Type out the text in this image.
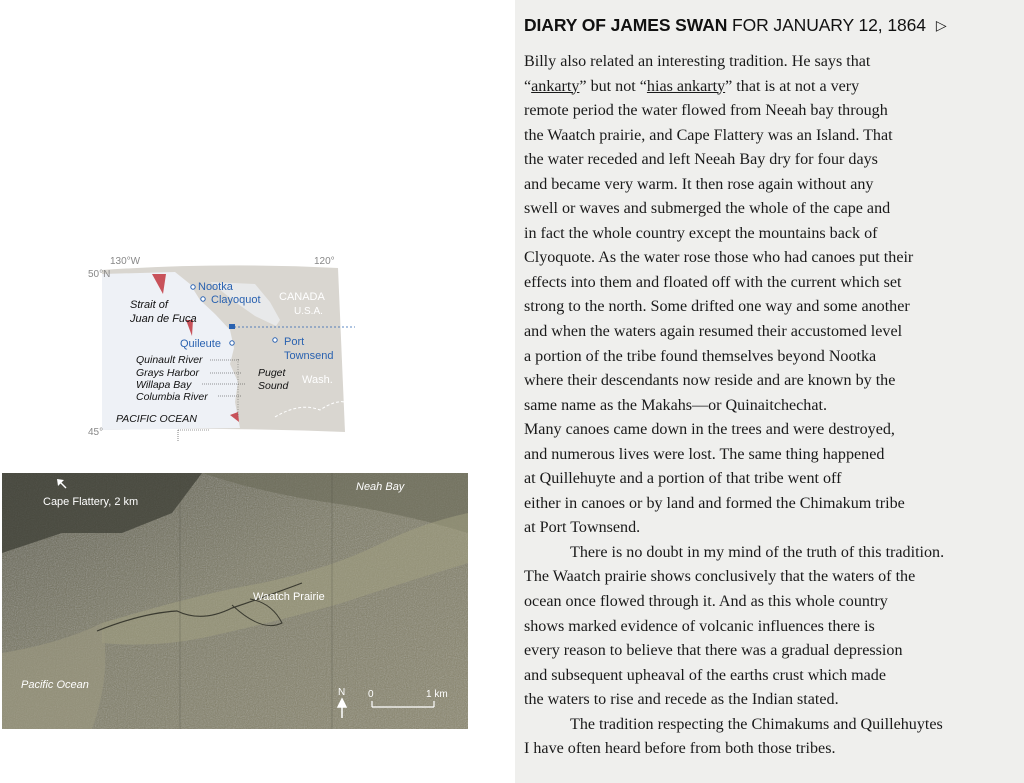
130°W	120°
50°N
45°
Nootka
Clayoquot
Quileute	Port
Townsend
Strait of
Juan de Fuca
Quinault River
Grays Harbor
Willapa Bay
Columbia River
Puget
Sound
PACIFIC OCEAN
CANADA
U.S.A.
Wash.
Cape Flattery, 2 km
Neah Bay
Waatch Prairie
Pacific Ocean
N 0	1 km
DIARY OF JAMES SWAN FOR JANUARY 12, 1864 ▷
Billy also related an interesting tradition. He says that
“ankarty” but not “hias ankarty” that is at not a very
remote period the water flowed from Neeah bay through
the Waatch prairie, and Cape Flattery was an Island. That
the water receded and left Neeah Bay dry for four days
and became very warm. It then rose again without any
swell or waves and submerged the whole of the cape and
in fact the whole country except the mountains back of
Clyoquote. As the water rose those who had canoes put their
effects into them and floated off with the current which set
strong to the north. Some drifted one way and some another
and when the waters again resumed their accustomed level
a portion of the tribe found themselves beyond Nootka
where their descendants now reside and are known by the
same name as the Makahs—or Quinaitchechat.
Many canoes came down in the trees and were destroyed,
and numerous lives were lost. The same thing happened
at Quillehuyte and a portion of that tribe went off
either in canoes or by land and formed the Chimakum tribe
at Port Townsend.
There is no doubt in my mind of the truth of this tradition.
The Waatch prairie shows conclusively that the waters of the
ocean once flowed through it. And as this whole country
shows marked evidence of volcanic influences there is
every reason to believe that there was a gradual depression
and subsequent upheaval of the earths crust which made
the waters to rise and recede as the Indian stated.
The tradition respecting the Chimakums and Quillehuytes
I have often heard before from both those tribes.
